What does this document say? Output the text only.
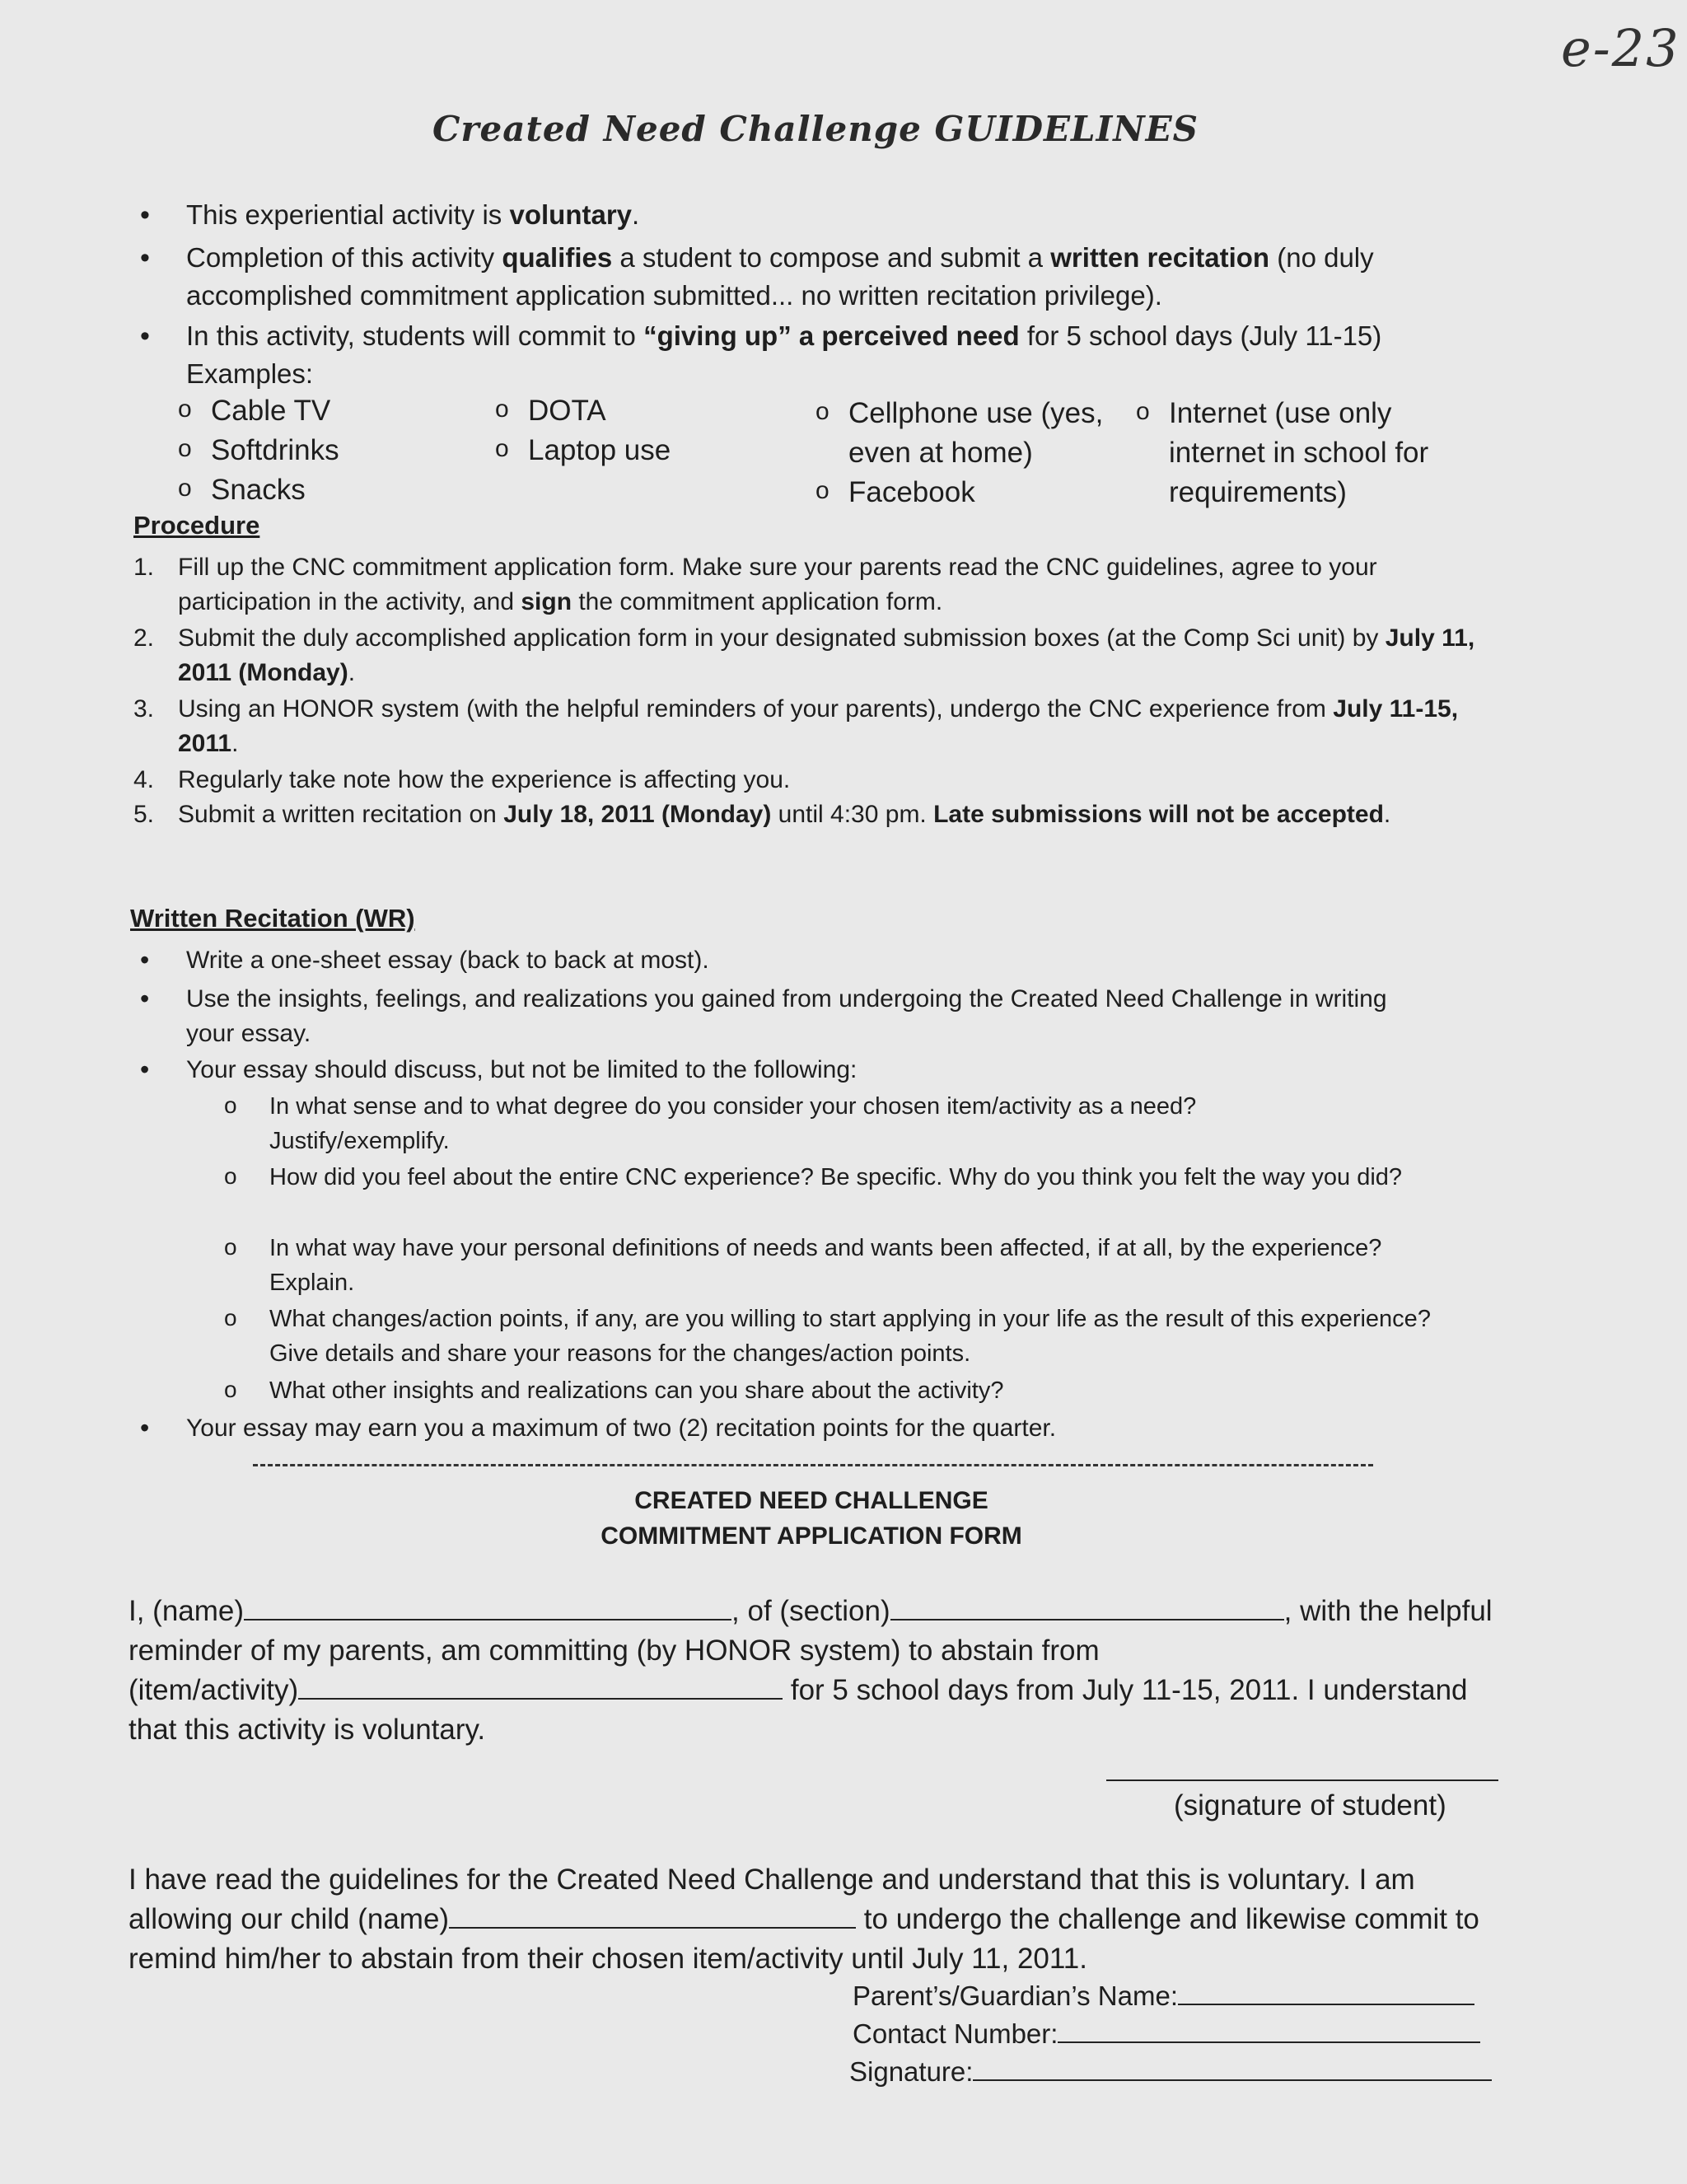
e-23
Created Need Challenge GUIDELINES
• This experiential activity is voluntary.
• Completion of this activity qualifies a student to compose and submit a written recitation (no duly accomplished commitment application submitted... no written recitation privilege).
• In this activity, students will commit to “giving up” a perceived need for 5 school days (July 11-15) Examples:
o Cable TV
o Softdrinks
o Snacks
o DOTA
o Laptop use
o Cellphone use (yes, even at home)
o Facebook
o Internet (use only internet in school for requirements)
Procedure
1. Fill up the CNC commitment application form. Make sure your parents read the CNC guidelines, agree to your participation in the activity, and sign the commitment application form.
2. Submit the duly accomplished application form in your designated submission boxes (at the Comp Sci unit) by July 11, 2011 (Monday).
3. Using an HONOR system (with the helpful reminders of your parents), undergo the CNC experience from July 11-15, 2011.
4. Regularly take note how the experience is affecting you.
5. Submit a written recitation on July 18, 2011 (Monday) until 4:30 pm. Late submissions will not be accepted.
Written Recitation (WR)
• Write a one-sheet essay (back to back at most).
• Use the insights, feelings, and realizations you gained from undergoing the Created Need Challenge in writing your essay.
• Your essay should discuss, but not be limited to the following:
o In what sense and to what degree do you consider your chosen item/activity as a need? Justify/exemplify.
o How did you feel about the entire CNC experience? Be specific. Why do you think you felt the way you did?
o In what way have your personal definitions of needs and wants been affected, if at all, by the experience? Explain.
o What changes/action points, if any, are you willing to start applying in your life as the result of this experience? Give details and share your reasons for the changes/action points.
o What other insights and realizations can you share about the activity?
• Your essay may earn you a maximum of two (2) recitation points for the quarter.
CREATED NEED CHALLENGE
COMMITMENT APPLICATION FORM
I, (name)	, of (section)	, with the helpful
reminder of my parents, am committing (by HONOR system) to abstain from
(item/activity)	for 5 school days from July 11-15, 2011. I understand
that this activity is voluntary.
(signature of student)
I have read the guidelines for the Created Need Challenge and understand that this is voluntary. I am
allowing our child (name)	to undergo the challenge and likewise commit to
remind him/her to abstain from their chosen item/activity until July 11, 2011.
Parent’s/Guardian’s Name:
Contact Number:
Signature:
